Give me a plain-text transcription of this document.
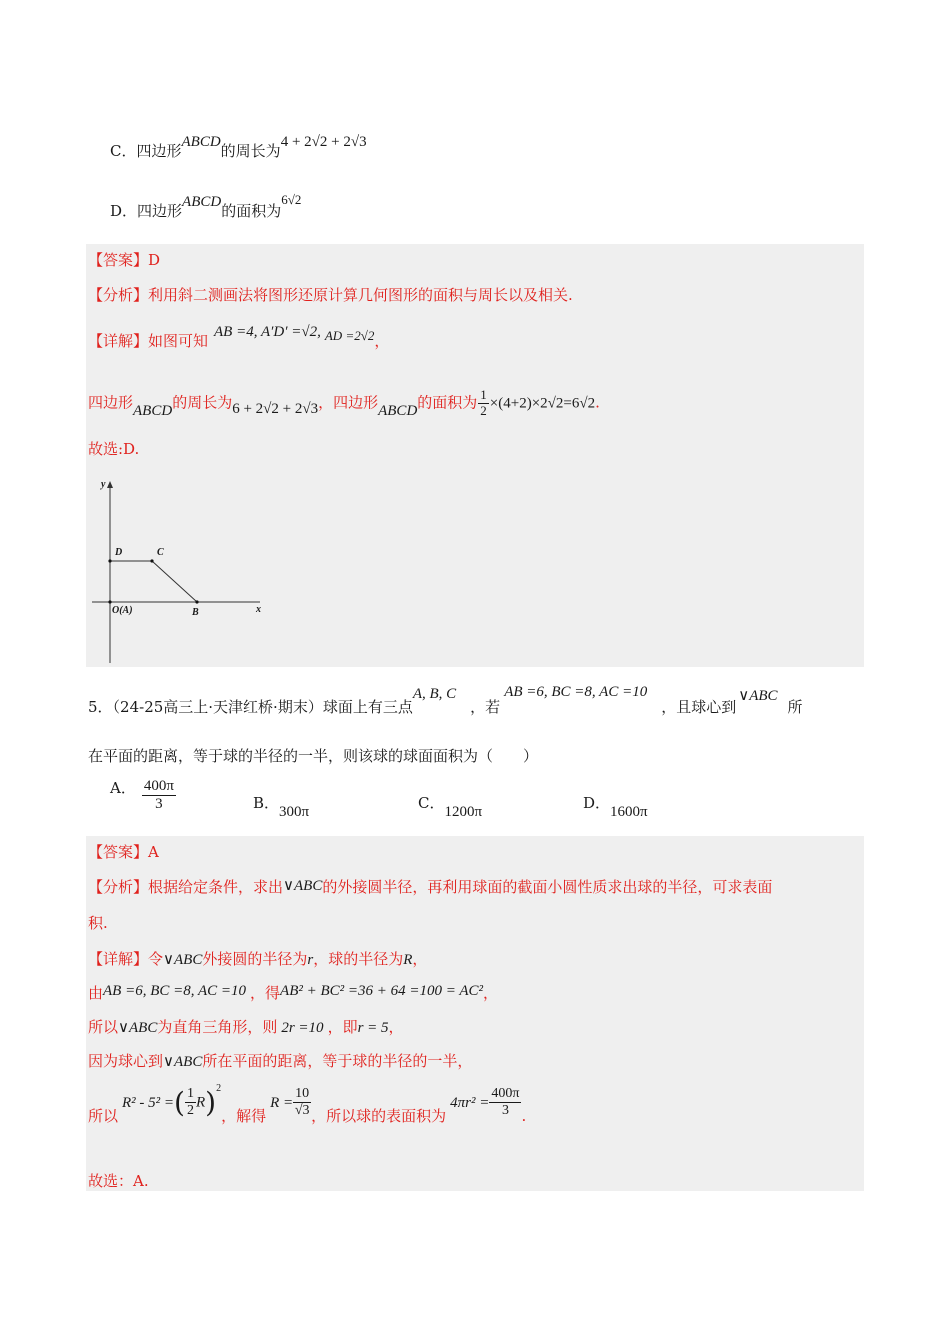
C．四边形ABCD的周长为4 + 2√2 + 2√3
D．四边形ABCD的面积为6√2
【答案】D
【分析】利用斜二测画法将图形还原计算几何图形的面积与周长以及相关.
【详解】如图可知 AB =4, A′D′ =√2, AD =2√2，
四边形ABCD的周长为6 + 2√2 + 2√3，四边形ABCD的面积为 $\frac{1}{2} \times(4+2)\times 2√2=6√2$.
故选:D.
y
x
D	C
O(A)	B
5．（24-25高三上·天津红桥·期末）球面上有三点A, B, C，若AB =6, BC =8, AC =10，且球心到∨ABC所
在平面的距离，等于球的半径的一半，则该球的球面面积为（　　）
A． $\frac{400\pi}{3}$	B．300π	C．1200π	D．1600π
【答案】A
【分析】根据给定条件，求出∨ABC的外接圆半径，再利用球面的截面小圆性质求出球的半径，可求表面
积.
【详解】令∨ABC外接圆的半径为r，球的半径为R，
由AB =6, BC =8, AC =10 ，得AB² + BC² =36 + 64 =100 = AC²，
所以∨ABC为直角三角形，则 2r =10 ，即r = 5，
因为球心到∨ABC所在平面的距离，等于球的半径的一半，
所以R² - 5² =( $\frac{1}{2} R)^2$，解得$R = \frac{10}{√3}$ ，所以球的表面积为$4\pi r^2 = \frac{400\pi}{3}$ .
故选：A.
